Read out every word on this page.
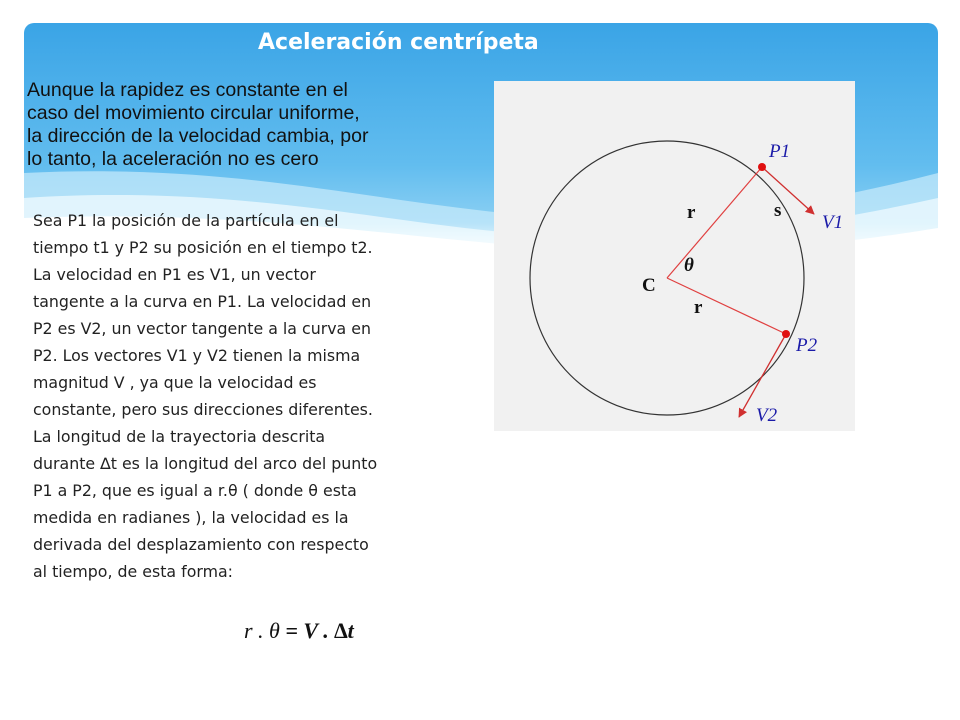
Aceleración centrípeta
Aunque la rapidez es constante en el
caso del movimiento circular uniforme,
la dirección de la velocidad cambia, por
lo tanto, la aceleración no es cero	P1
P2
V1
V2
C
r
r
s
θ
Sea P1 la posición de la partícula en el
tiempo t1 y P2 su posición en el tiempo t2.
La velocidad en P1 es V1, un vector
tangente a la curva en P1. La velocidad en
P2 es V2, un vector tangente a la curva en
P2. Los vectores V1 y V2 tienen la misma
magnitud V , ya que la velocidad es
constante, pero sus direcciones diferentes.
La longitud de la trayectoria descrita
durante ∆t es la longitud del arco del punto
P1 a P2, que es igual a r.θ ( donde θ esta
medida en radianes ), la velocidad es la
derivada del desplazamiento con respecto
al tiempo, de esta forma:
r . θ = V . ∆t
